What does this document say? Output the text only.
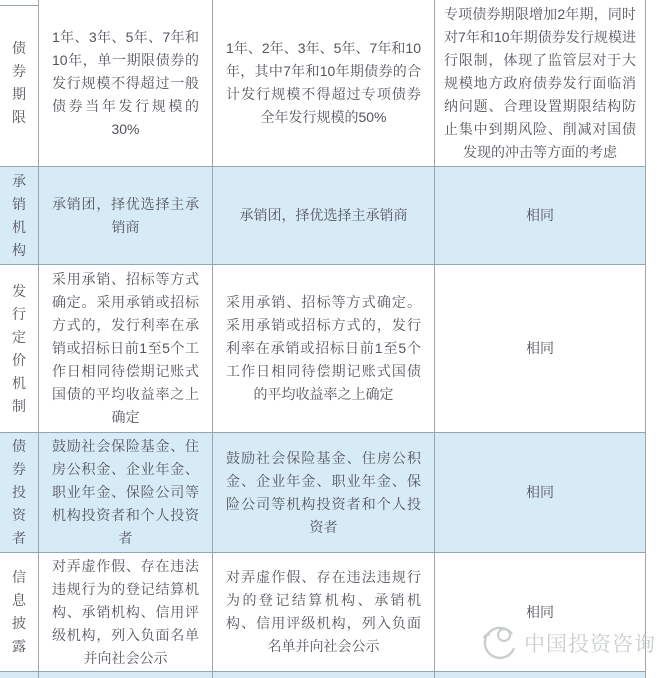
债券期限
1年、3年、5年、7年和10年，单一期限债券的发行规模不得超过一般债券当年发行规模的30%
1年、2年、3年、5年、7年和10年，其中7年和10年期债券的合计发行规模不得超过专项债券全年发行规模的50%
专项债券期限增加2年期，同时对7年和10年期债券发行规模进行限制，体现了监管层对于大规模地方政府债券发行面临消纳问题、合理设置期限结构防止集中到期风险、削减对国债发现的冲击等方面的考虑
承销机构
承销团，择优选择主承销商
承销团，择优选择主承销商	相同
发行定价机制
采用承销、招标等方式确定。采用承销或招标方式的，发行利率在承销或招标日前1至5个工作日相同待偿期记账式国债的平均收益率之上确定
采用承销、招标等方式确定。采用承销或招标方式的，发行利率在承销或招标日前1至5个工作日相同待偿期记账式国债的平均收益率之上确定
相同
债券投资者
鼓励社会保险基金、住房公积金、企业年金、职业年金、保险公司等机构投资者和个人投资者
鼓励社会保险基金、住房公积金、企业年金、职业年金、保险公司等机构投资者和个人投资者
相同
信息披露
对弄虚作假、存在违法违规行为的登记结算机构、承销机构、信用评级机构，列入负面名单并向社会公示
对弄虚作假、存在违法违规行为的登记结算机构、承销机构、信用评级机构，列入负面名单并向社会公示
相同
中国投资咨询
